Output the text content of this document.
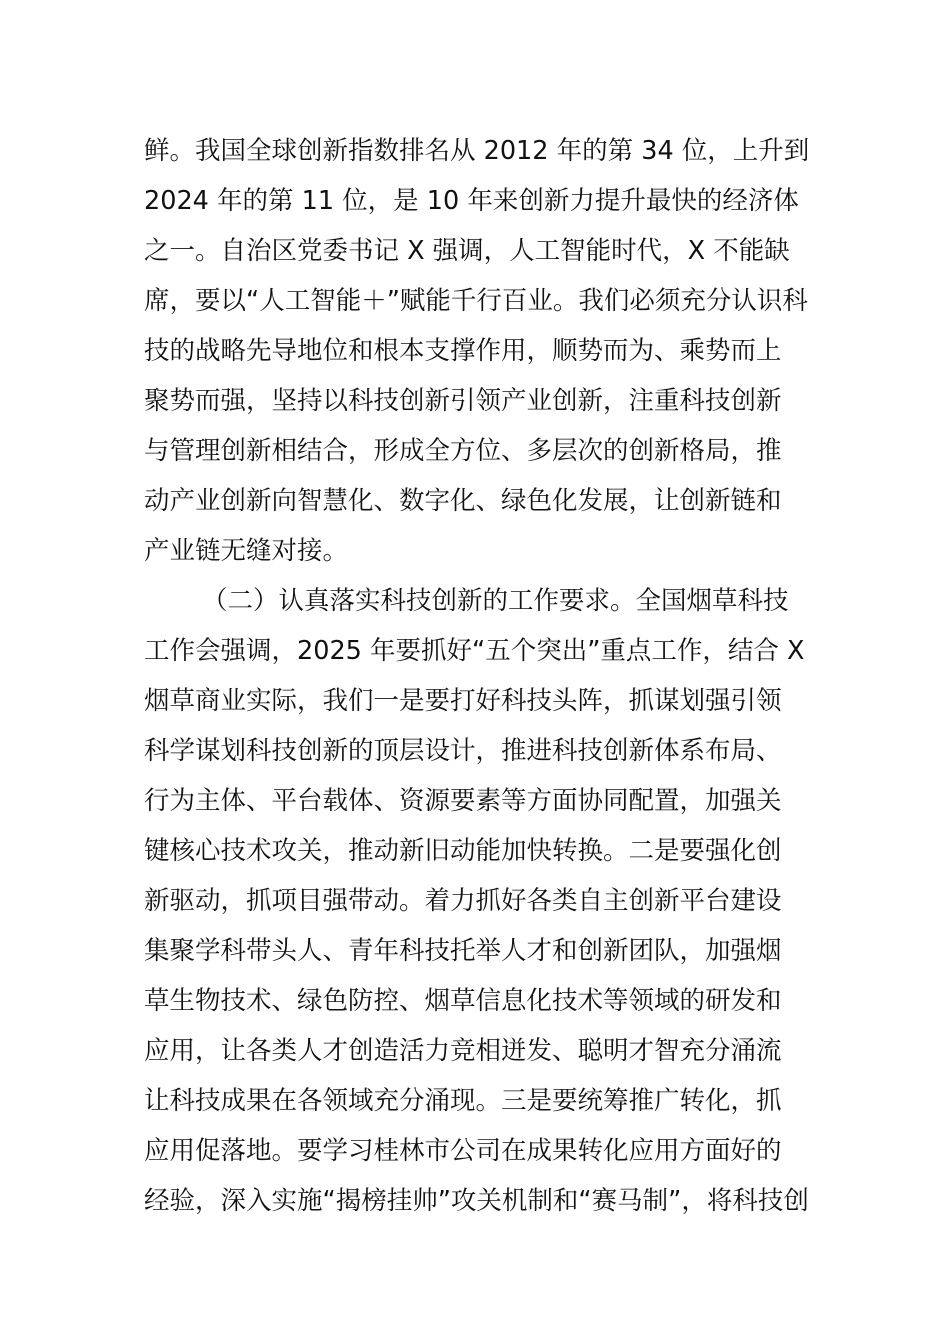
鲜。我国全球创新指数排名从 2012 年的第 34 位，上升到
2024 年的第 11 位，是 10 年来创新力提升最快的经济体
之一。自治区党委书记 X 强调，人工智能时代，X 不能缺
席，要以“人工智能＋”赋能千行百业。我们必须充分认识科
技的战略先导地位和根本支撑作用，顺势而为、乘势而上
聚势而强，坚持以科技创新引领产业创新，注重科技创新
与管理创新相结合，形成全方位、多层次的创新格局，推
动产业创新向智慧化、数字化、绿色化发展，让创新链和
产业链无缝对接。
（二）认真落实科技创新的工作要求。全国烟草科技
工作会强调，2025 年要抓好“五个突出”重点工作，结合 X
烟草商业实际，我们一是要打好科技头阵，抓谋划强引领
科学谋划科技创新的顶层设计，推进科技创新体系布局、
行为主体、平台载体、资源要素等方面协同配置，加强关
键核心技术攻关，推动新旧动能加快转换。二是要强化创
新驱动，抓项目强带动。着力抓好各类自主创新平台建设
集聚学科带头人、青年科技托举人才和创新团队，加强烟
草生物技术、绿色防控、烟草信息化技术等领域的研发和
应用，让各类人才创造活力竞相迸发、聪明才智充分涌流
让科技成果在各领域充分涌现。三是要统筹推广转化，抓
应用促落地。要学习桂林市公司在成果转化应用方面好的
经验，深入实施“揭榜挂帅”攻关机制和“赛马制”，将科技创
